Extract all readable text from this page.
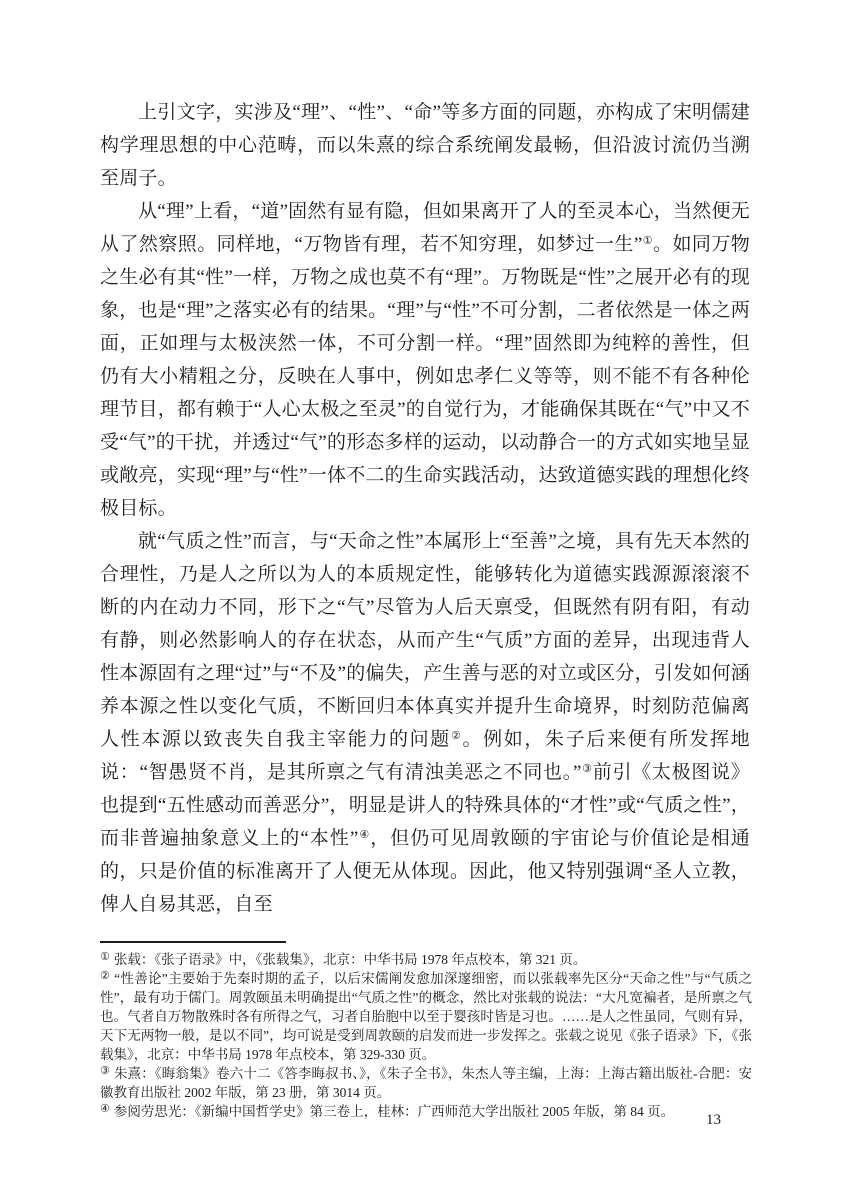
上引文字，实涉及“理”、“性”、“命”等多方面的同题，亦构成了宋明儒建构学理思想的中心范畴，而以朱熹的综合系统阐发最畅，但沿波讨流仍当溯至周子。

从“理”上看，“道”固然有显有隐，但如果离开了人的至灵本心，当然便无从了然察照。同样地，“万物皆有理，若不知穷理，如梦过一生”①。如同万物之生必有其“性”一样，万物之成也莫不有“理”。万物既是“性”之展开必有的现象，也是“理”之落实必有的结果。“理”与“性”不可分割，二者依然是一体之两面，正如理与太极浃然一体，不可分割一样。“理”固然即为纯粹的善性，但仍有大小精粗之分，反映在人事中，例如忠孝仁义等等，则不能不有各种伦理节目，都有赖于“人心太极之至灵”的自觉行为，才能确保其既在“气”中又不受“气”的干扰，并透过“气”的形态多样的运动，以动静合一的方式如实地呈显或敞亮，实现“理”与“性”一体不二的生命实践活动，达致道德实践的理想化终极目标。

就“气质之性”而言，与“天命之性”本属形上“至善”之境，具有先天本然的合理性，乃是人之所以为人的本质规定性，能够转化为道德实践源源滚滚不断的内在动力不同，形下之“气”尽管为人后天禀受，但既然有阴有阳，有动有静，则必然影响人的存在状态，从而产生“气质”方面的差异，出现违背人性本源固有之理“过”与“不及”的偏失，产生善与恶的对立或区分，引发如何涵养本源之性以变化气质，不断回归本体真实并提升生命境界，时刻防范偏离人性本源以致丧失自我主宰能力的问题②。例如，朱子后来便有所发挥地说：“智愚贤不肖，是其所禀之气有清浊美恶之不同也。”③前引《太极图说》也提到“五性感动而善恶分”，明显是讲人的特殊具体的“才性”或“气质之性”，而非普遍抽象意义上的“本性”④，但仍可见周敦颐的宇宙论与价值论是相通的，只是价值的标准离开了人便无从体现。因此，他又特别强调“圣人立教，俾人自易其恶，自至

① 张载：《张子语录》中，《张载集》，北京：中华书局 1978 年点校本，第 321 页。
② “性善论”主要始于先秦时期的孟子，以后宋儒阐发愈加深邃细密，而以张载率先区分“天命之性”与“气质之性”，最有功于儒门。周敦颐虽未明确提出“气质之性”的概念，然比对张载的说法：“大凡宽褊者，是所禀之气也。气者自万物散殊时各有所得之气，习者自胎胞中以至于婴孩时皆是习也。……是人之性虽同，气则有异，天下无两物一般，是以不同”，均可说是受到周敦颐的启发而进一步发挥之。张载之说见《张子语录》下，《张载集》，北京：中华书局 1978 年点校本，第 329-330 页。
③ 朱熹：《晦翁集》卷六十二《答李晦叔书、》，《朱子全书》，朱杰人等主编，上海：上海古籍出版社-合肥：安徽教育出版社 2002 年版，第 23 册，第 3014 页。
④ 参阅劳思光：《新编中国哲学史》第三卷上，桂林：广西师范大学出版社 2005 年版，第 84 页。
13
